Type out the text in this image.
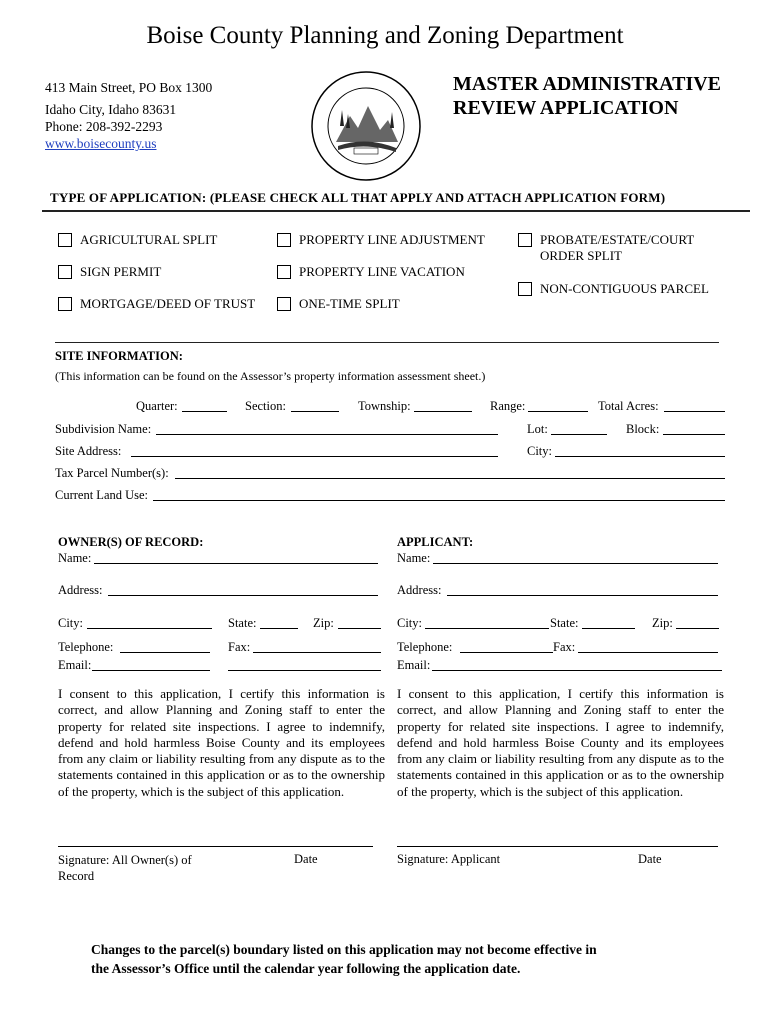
Boise County Planning and Zoning Department
413 Main Street, PO Box 1300
Idaho City, Idaho 83631
Phone: 208-392-2293
www.boisecounty.us
MASTER ADMINISTRATIVE
REVIEW APPLICATION
TYPE OF APPLICATION: (PLEASE CHECK ALL THAT APPLY AND ATTACH APPLICATION FORM)
AGRICULTURAL SPLIT
SIGN PERMIT
MORTGAGE/DEED OF TRUST
PROPERTY LINE ADJUSTMENT
PROPERTY LINE VACATION
ONE-TIME SPLIT
PROBATE/ESTATE/COURT
ORDER SPLIT
NON-CONTIGUOUS PARCEL
SITE INFORMATION:
(This information can be found on the Assessor’s property information assessment sheet.)
Quarter:	Section:	Township:	Range:	Total Acres:
Subdivision Name:	Lot:	Block:
Site Address:	City:
Tax Parcel Number(s):
Current Land Use:
OWNER(S) OF RECORD:
Name:
Address:
City:	State:	Zip:
Telephone:	Fax:
Email:
I consent to this application, I certify this information is correct, and allow Planning and Zoning staff to enter the property for related site inspections. I agree to indemnify, defend and hold harmless Boise County and its employees from any claim or liability resulting from any dispute as to the statements contained in this application or as to the ownership of the property, which is the subject of this application.
Signature: All Owner(s) of
Record
Date
APPLICANT:
Name:
Address:
City:	State:	Zip:
Telephone:	Fax:
Email:
I consent to this application, I certify this information is correct, and allow Planning and Zoning staff to enter the property for related site inspections. I agree to indemnify, defend and hold harmless Boise County and its employees from any claim or liability resulting from any dispute as to the statements contained in this application or as to the ownership of the property, which is the subject of this application.
Signature: Applicant	Date
Changes to the parcel(s) boundary listed on this application may not become effective in
the Assessor’s Office until the calendar year following the application date.
